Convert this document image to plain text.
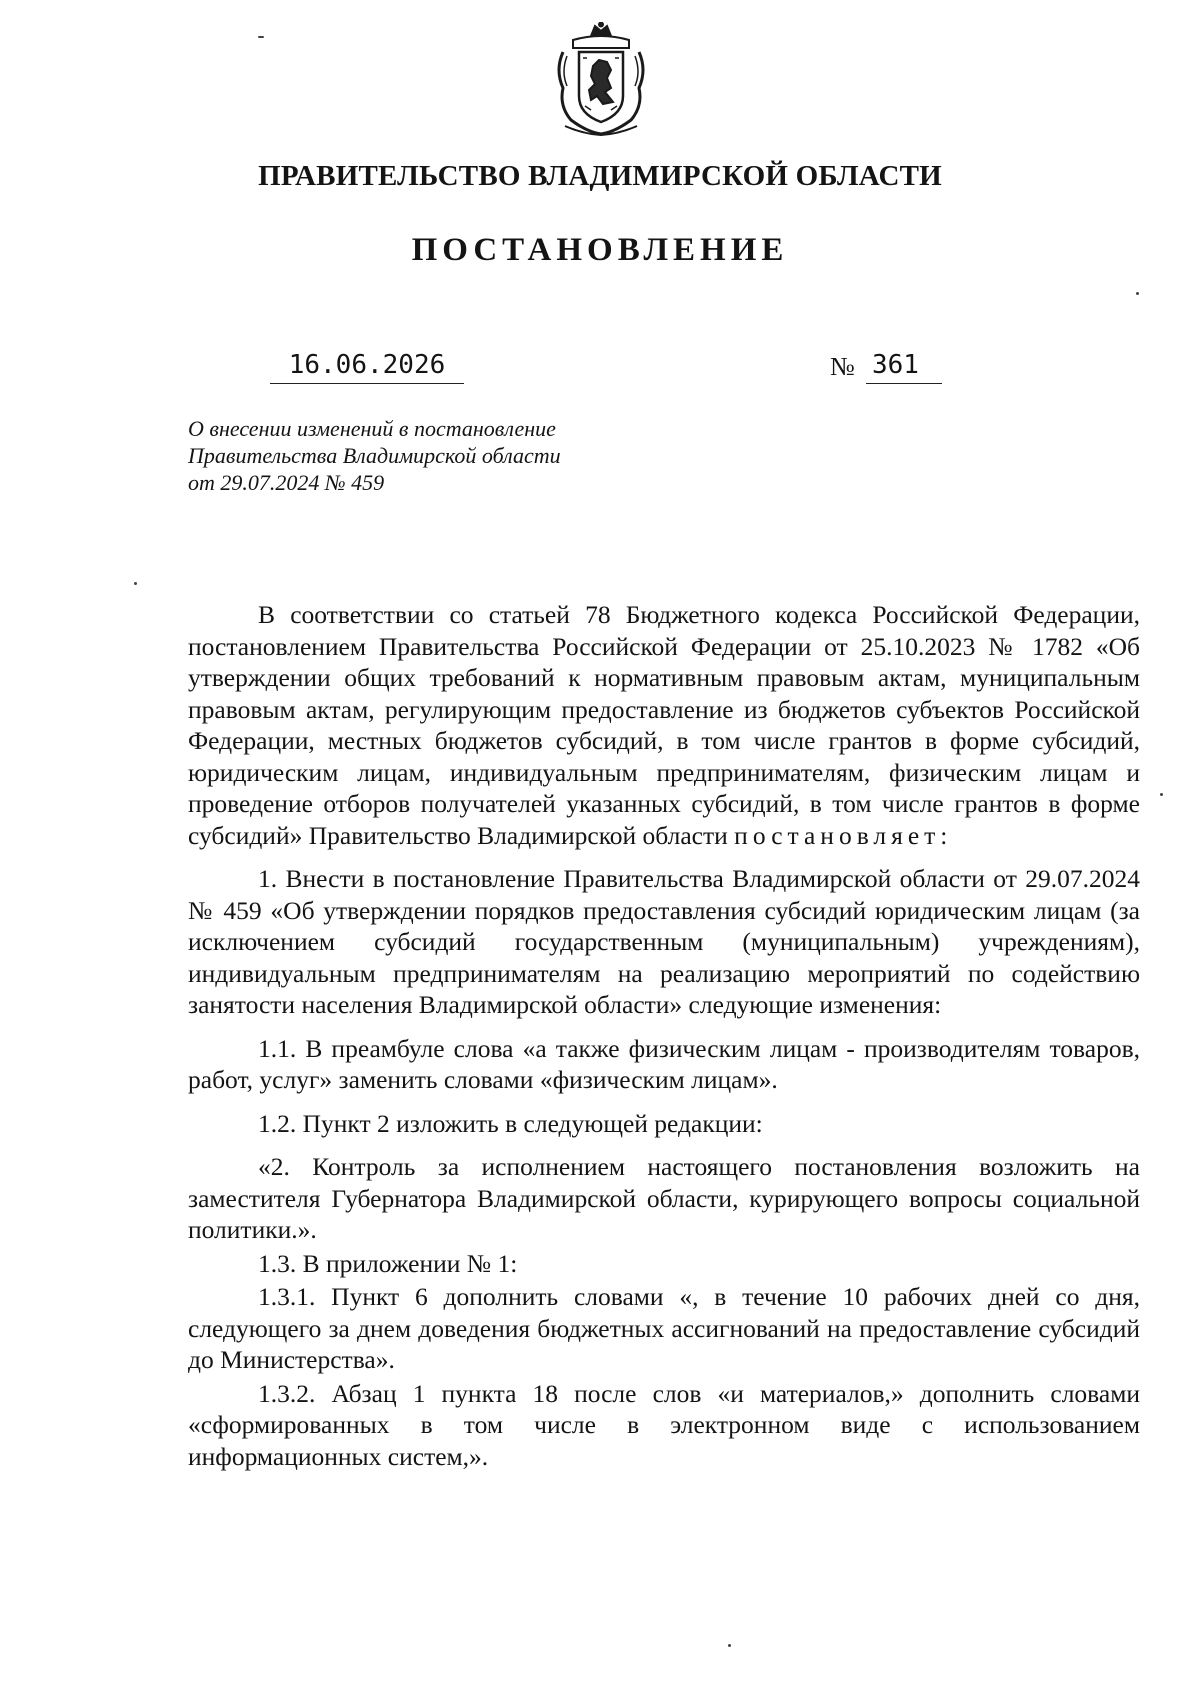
ПРАВИТЕЛЬСТВО ВЛАДИМИРСКОЙ ОБЛАСТИ
ПОСТАНОВЛЕНИЕ
16.06.2026	№ 361
О внесении изменений в постановление
Правительства Владимирской области
от 29.07.2024 № 459

В соответствии со статьей 78 Бюджетного кодекса Российской Федерации, постановлением Правительства Российской Федерации от 25.10.2023 № 1782 «Об утверждении общих требований к нормативным правовым актам, муниципальным правовым актам, регулирующим предоставление из бюджетов субъектов Российской Федерации, местных бюджетов субсидий, в том числе грантов в форме субсидий, юридическим лицам, индивидуальным предпринимателям, физическим лицам и проведение отборов получателей указанных субсидий, в том числе грантов в форме субсидий» Правительство Владимирской области постановляет:

1. Внести в постановление Правительства Владимирской области от 29.07.2024 № 459 «Об утверждении порядков предоставления субсидий юридическим лицам (за исключением субсидий государственным (муниципальным) учреждениям), индивидуальным предпринимателям на реализацию мероприятий по содействию занятости населения Владимирской области» следующие изменения:

1.1. В преамбуле слова «а также физическим лицам - производителям товаров, работ, услуг» заменить словами «физическим лицам».

1.2. Пункт 2 изложить в следующей редакции:

«2. Контроль за исполнением настоящего постановления возложить на заместителя Губернатора Владимирской области, курирующего вопросы социальной политики.».

1.3. В приложении № 1:

1.3.1. Пункт 6 дополнить словами «, в течение 10 рабочих дней со дня, следующего за днем доведения бюджетных ассигнований на предоставление субсидий до Министерства».

1.3.2. Абзац 1 пункта 18 после слов «и материалов,» дополнить словами «сформированных в том числе в электронном виде с использованием информационных систем,».
